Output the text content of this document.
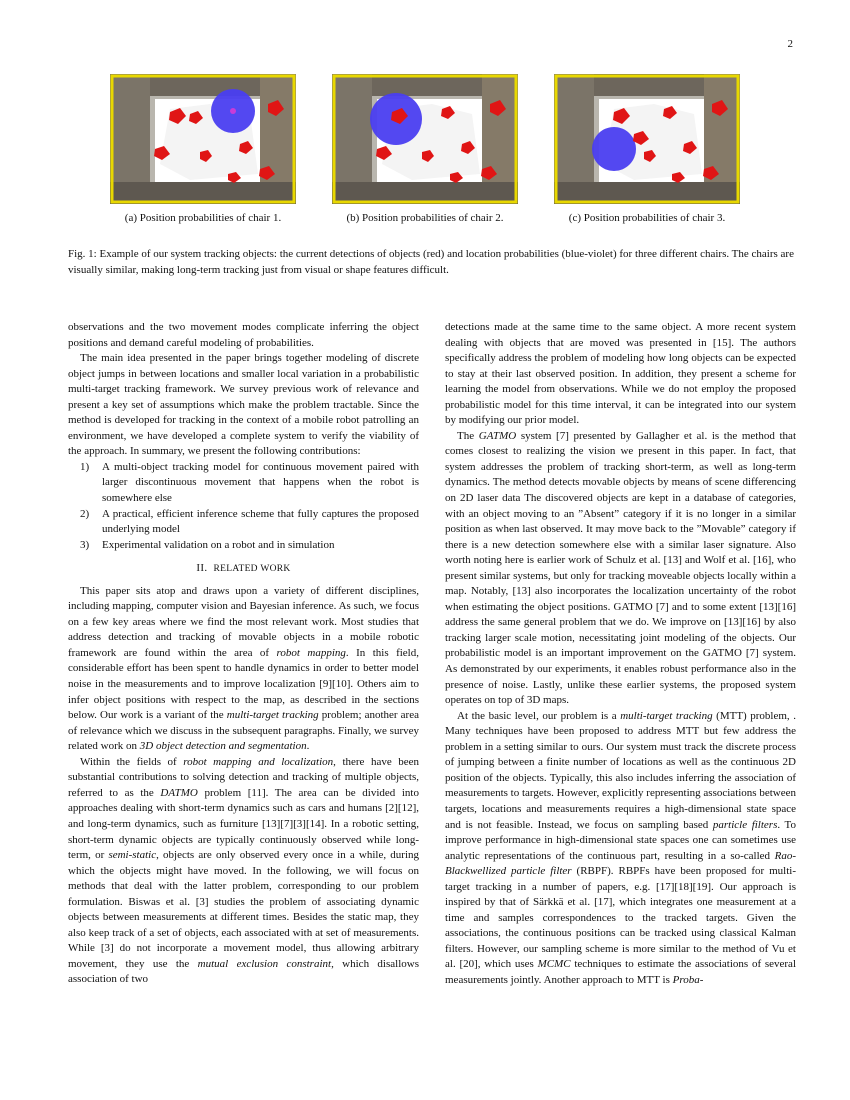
2
(a) Position probabilities of chair 1.	(b) Position probabilities of chair 2.	(c) Position probabilities of chair 3.
Fig. 1: Example of our system tracking objects: the current detections of objects (red) and location probabilities (blue-violet) for three different chairs. The chairs are visually similar, making long-term tracking just from visual or shape features difficult.

observations and the two movement modes complicate inferring the object positions and demand careful modeling of probabilities.

The main idea presented in the paper brings together modeling of discrete object jumps in between locations and smaller local variation in a probabilistic multi-target tracking framework. We survey previous work of relevance and present a key set of assumptions which make the problem tractable. Since the method is developed for tracking in the context of a mobile robot patrolling an environment, we have developed a complete system to verify the viability of the approach. In summary, we present the following contributions:

1) A multi-object tracking model for continuous movement paired with larger discontinuous movement that happens when the robot is somewhere else
2) A practical, efficient inference scheme that fully captures the proposed underlying model
3) Experimental validation on a robot and in simulation
II. RELATED WORK

This paper sits atop and draws upon a variety of different disciplines, including mapping, computer vision and Bayesian inference. As such, we focus on a few key areas where we find the most relevant work. Most studies that address detection and tracking of movable objects in a mobile robotic framework are found within the area of robot mapping. In this field, considerable effort has been spent to handle dynamics in order to better model noise in the measurements and to improve localization [9][10]. Others aim to infer object positions with respect to the map, as described in the sections below. Our work is a variant of the multi-target tracking problem; another area of relevance which we discuss in the subsequent paragraphs. Finally, we survey related work on 3D object detection and segmentation.

Within the fields of robot mapping and localization, there have been substantial contributions to solving detection and tracking of multiple objects, referred to as the DATMO problem [11]. The area can be divided into approaches dealing with short-term dynamics such as cars and humans [2][12], and long-term dynamics, such as furniture [13][7][3][14]. In a robotic setting, short-term dynamic objects are typically continuously observed while long-term, or semi-static, objects are only observed every once in a while, during which the objects might have moved. In the following, we will focus on methods that deal with the latter problem, corresponding to our problem formulation. Biswas et al. [3] studies the problem of associating dynamic objects between measurements at different times. Besides the static map, they also keep track of a set of objects, each associated with at set of measurements. While [3] do not incorporate a movement model, thus allowing arbitrary movement, they use the mutual exclusion constraint, which disallows association of two

detections made at the same time to the same object. A more recent system dealing with objects that are moved was presented in [15]. The authors specifically address the problem of modeling how long objects can be expected to stay at their last observed position. In addition, they present a scheme for learning the model from observations. While we do not employ the proposed probabilistic model for this time interval, it can be integrated into our system by modifying our prior model.

The GATMO system [7] presented by Gallagher et al. is the method that comes closest to realizing the vision we present in this paper. In fact, that system addresses the problem of tracking short-term, as well as long-term dynamics. The method detects movable objects by means of scene differencing on 2D laser data The discovered objects are kept in a database of categories, with an object moving to an ”Absent” category if it is no longer in a similar position as when last observed. It may move back to the ”Movable” category if there is a new detection somewhere else with a similar laser signature. Also worth noting here is earlier work of Schulz et al. [13] and Wolf et al. [16], who present similar systems, but only for tracking moveable objects locally within a map. Notably, [13] also incorporates the localization uncertainty of the robot when estimating the object positions. GATMO [7] and to some extent [13][16] address the same general problem that we do. We improve on [13][16] by also tracking larger scale motion, necessitating joint modeling of the objects. Our probabilistic model is an important improvement on the GATMO [7] system. As demonstrated by our experiments, it enables robust performance also in the presence of noise. Lastly, unlike these earlier systems, the proposed system operates on top of 3D maps.

At the basic level, our problem is a multi-target tracking (MTT) problem, . Many techniques have been proposed to address MTT but few address the problem in a setting similar to ours. Our system must track the discrete process of jumping between a finite number of locations as well as the continuous 2D position of the objects. Typically, this also includes inferring the association of measurements to targets. However, explicitly representing associations between targets, locations and measurements requires a high-dimensional state space and is not feasible. Instead, we focus on sampling based particle filters. To improve performance in high-dimensional state spaces one can sometimes use analytic representations of the continuous part, resulting in a so-called Rao-Blackwellized particle filter (RBPF). RBPFs have been proposed for multi-target tracking in a number of papers, e.g. [17][18][19]. Our approach is inspired by that of Särkkä et al. [17], which integrates one measurement at a time and samples correspondences to the tracked targets. Given the associations, the continuous positions can be tracked using classical Kalman filters. However, our sampling scheme is more similar to the method of Vu et al. [20], which uses MCMC techniques to estimate the associations of several measurements jointly. Another approach to MTT is Proba-
